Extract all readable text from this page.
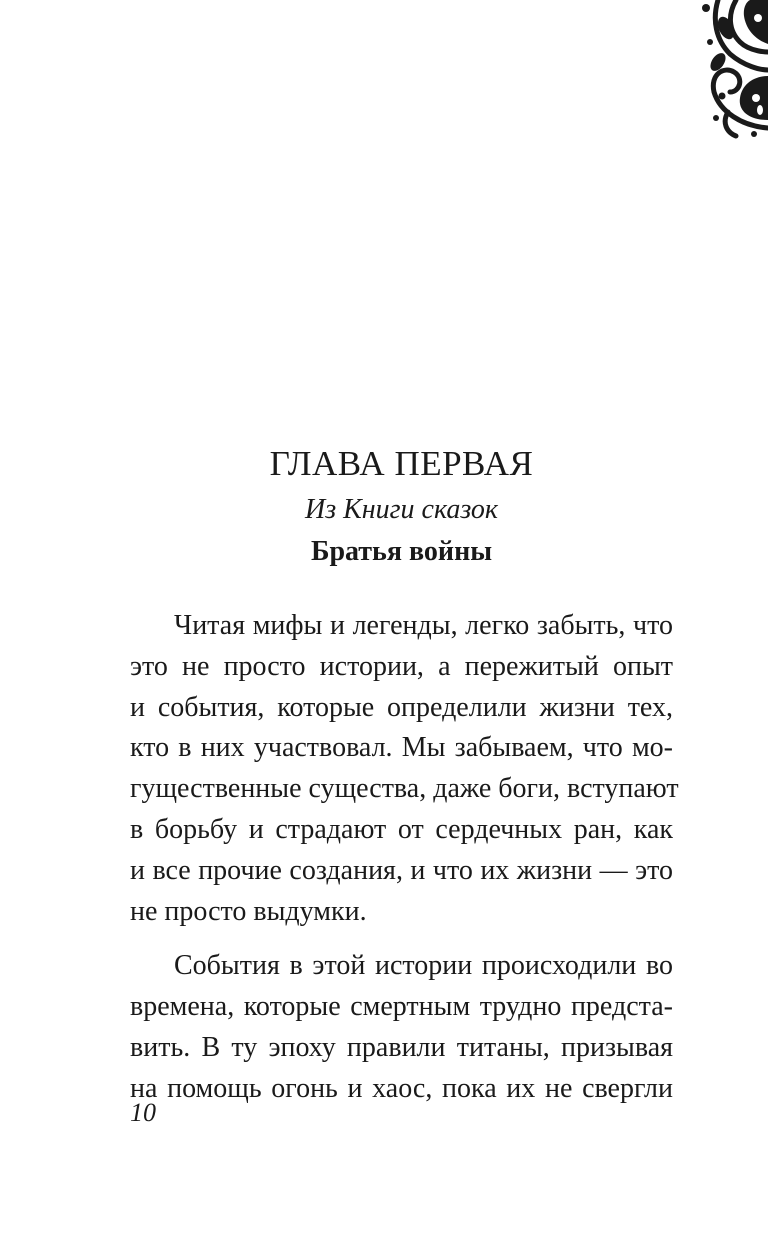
ГЛАВА ПЕРВАЯ
Из Книги сказок
Братья войны
Читая мифы и легенды, легко забыть, что
это не просто истории, а пережитый опыт
и события, которые определили жизни тех,
кто в них участвовал. Мы забываем, что мо-
гущественные существа, даже боги, вступают
в борьбу и страдают от сердечных ран, как
и все прочие создания, и что их жизни — это
не просто выдумки.
События в этой истории происходили во
времена, которые смертным трудно предста-
вить. В ту эпоху правили титаны, призывая
на помощь огонь и хаос, пока их не свергли
10
